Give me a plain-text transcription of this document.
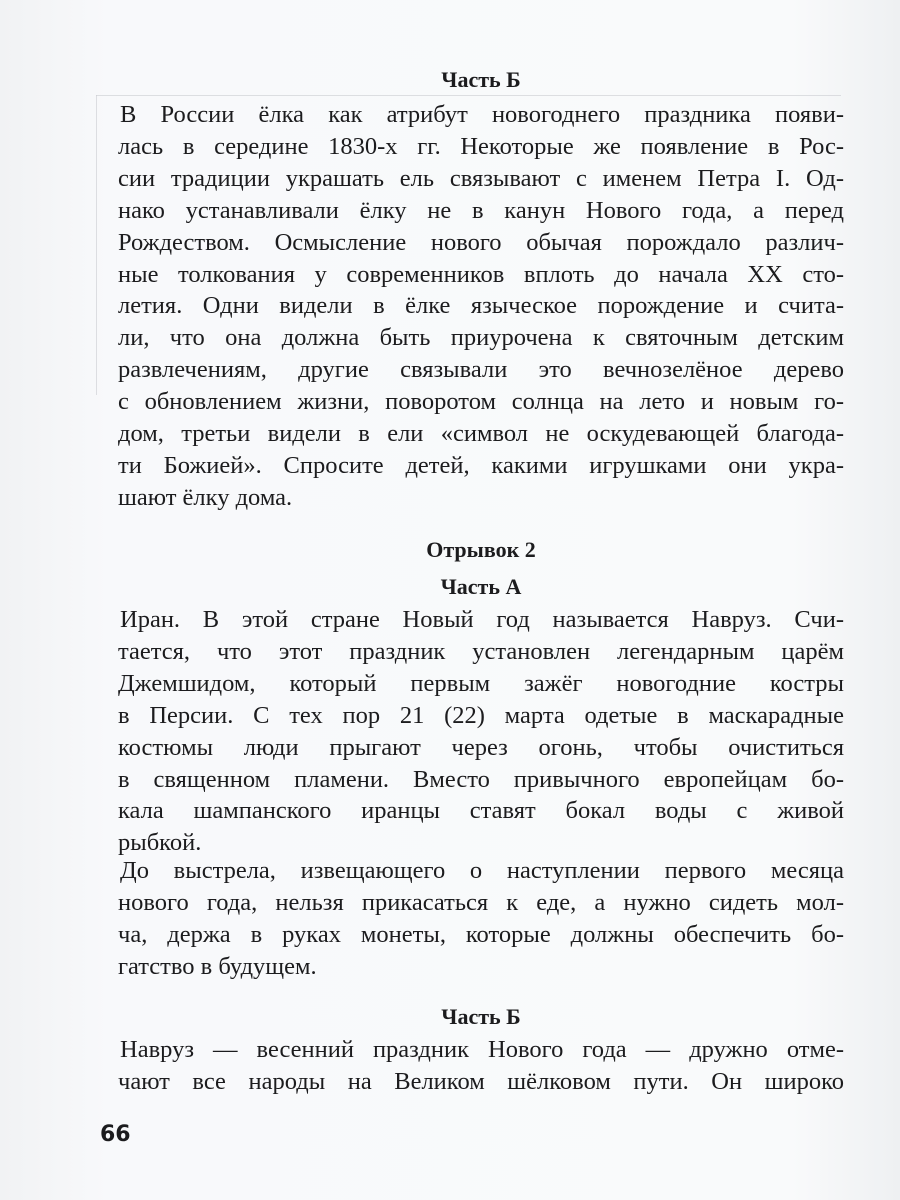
Часть Б
В России ёлка как атрибут новогоднего праздника появи-
лась в середине 1830-х гг. Некоторые же появление в Рос-
сии традиции украшать ель связывают с именем Петра I. Од-
нако устанавливали ёлку не в канун Нового года, а перед
Рождеством. Осмысление нового обычая порождало различ-
ные толкования у современников вплоть до начала XX сто-
летия. Одни видели в ёлке языческое порождение и счита-
ли, что она должна быть приурочена к святочным детским
развлечениям, другие связывали это вечнозелёное дерево
с обновлением жизни, поворотом солнца на лето и новым го-
дом, третьи видели в ели «символ не оскудевающей благода-
ти Божией». Спросите детей, какими игрушками они укра-
шают ёлку дома.
Отрывок 2
Часть А
Иран. В этой стране Новый год называется Навруз. Счи-
тается, что этот праздник установлен легендарным царём
Джемшидом, который первым зажёг новогодние костры
в Персии. С тех пор 21 (22) марта одетые в маскарадные
костюмы люди прыгают через огонь, чтобы очиститься
в священном пламени. Вместо привычного европейцам бо-
кала шампанского иранцы ставят бокал воды с живой
рыбкой.
До выстрела, извещающего о наступлении первого месяца
нового года, нельзя прикасаться к еде, а нужно сидеть мол-
ча, держа в руках монеты, которые должны обеспечить бо-
гатство в будущем.
Часть Б
Навруз — весенний праздник Нового года — дружно отме-
чают все народы на Великом шёлковом пути. Он широко
66
